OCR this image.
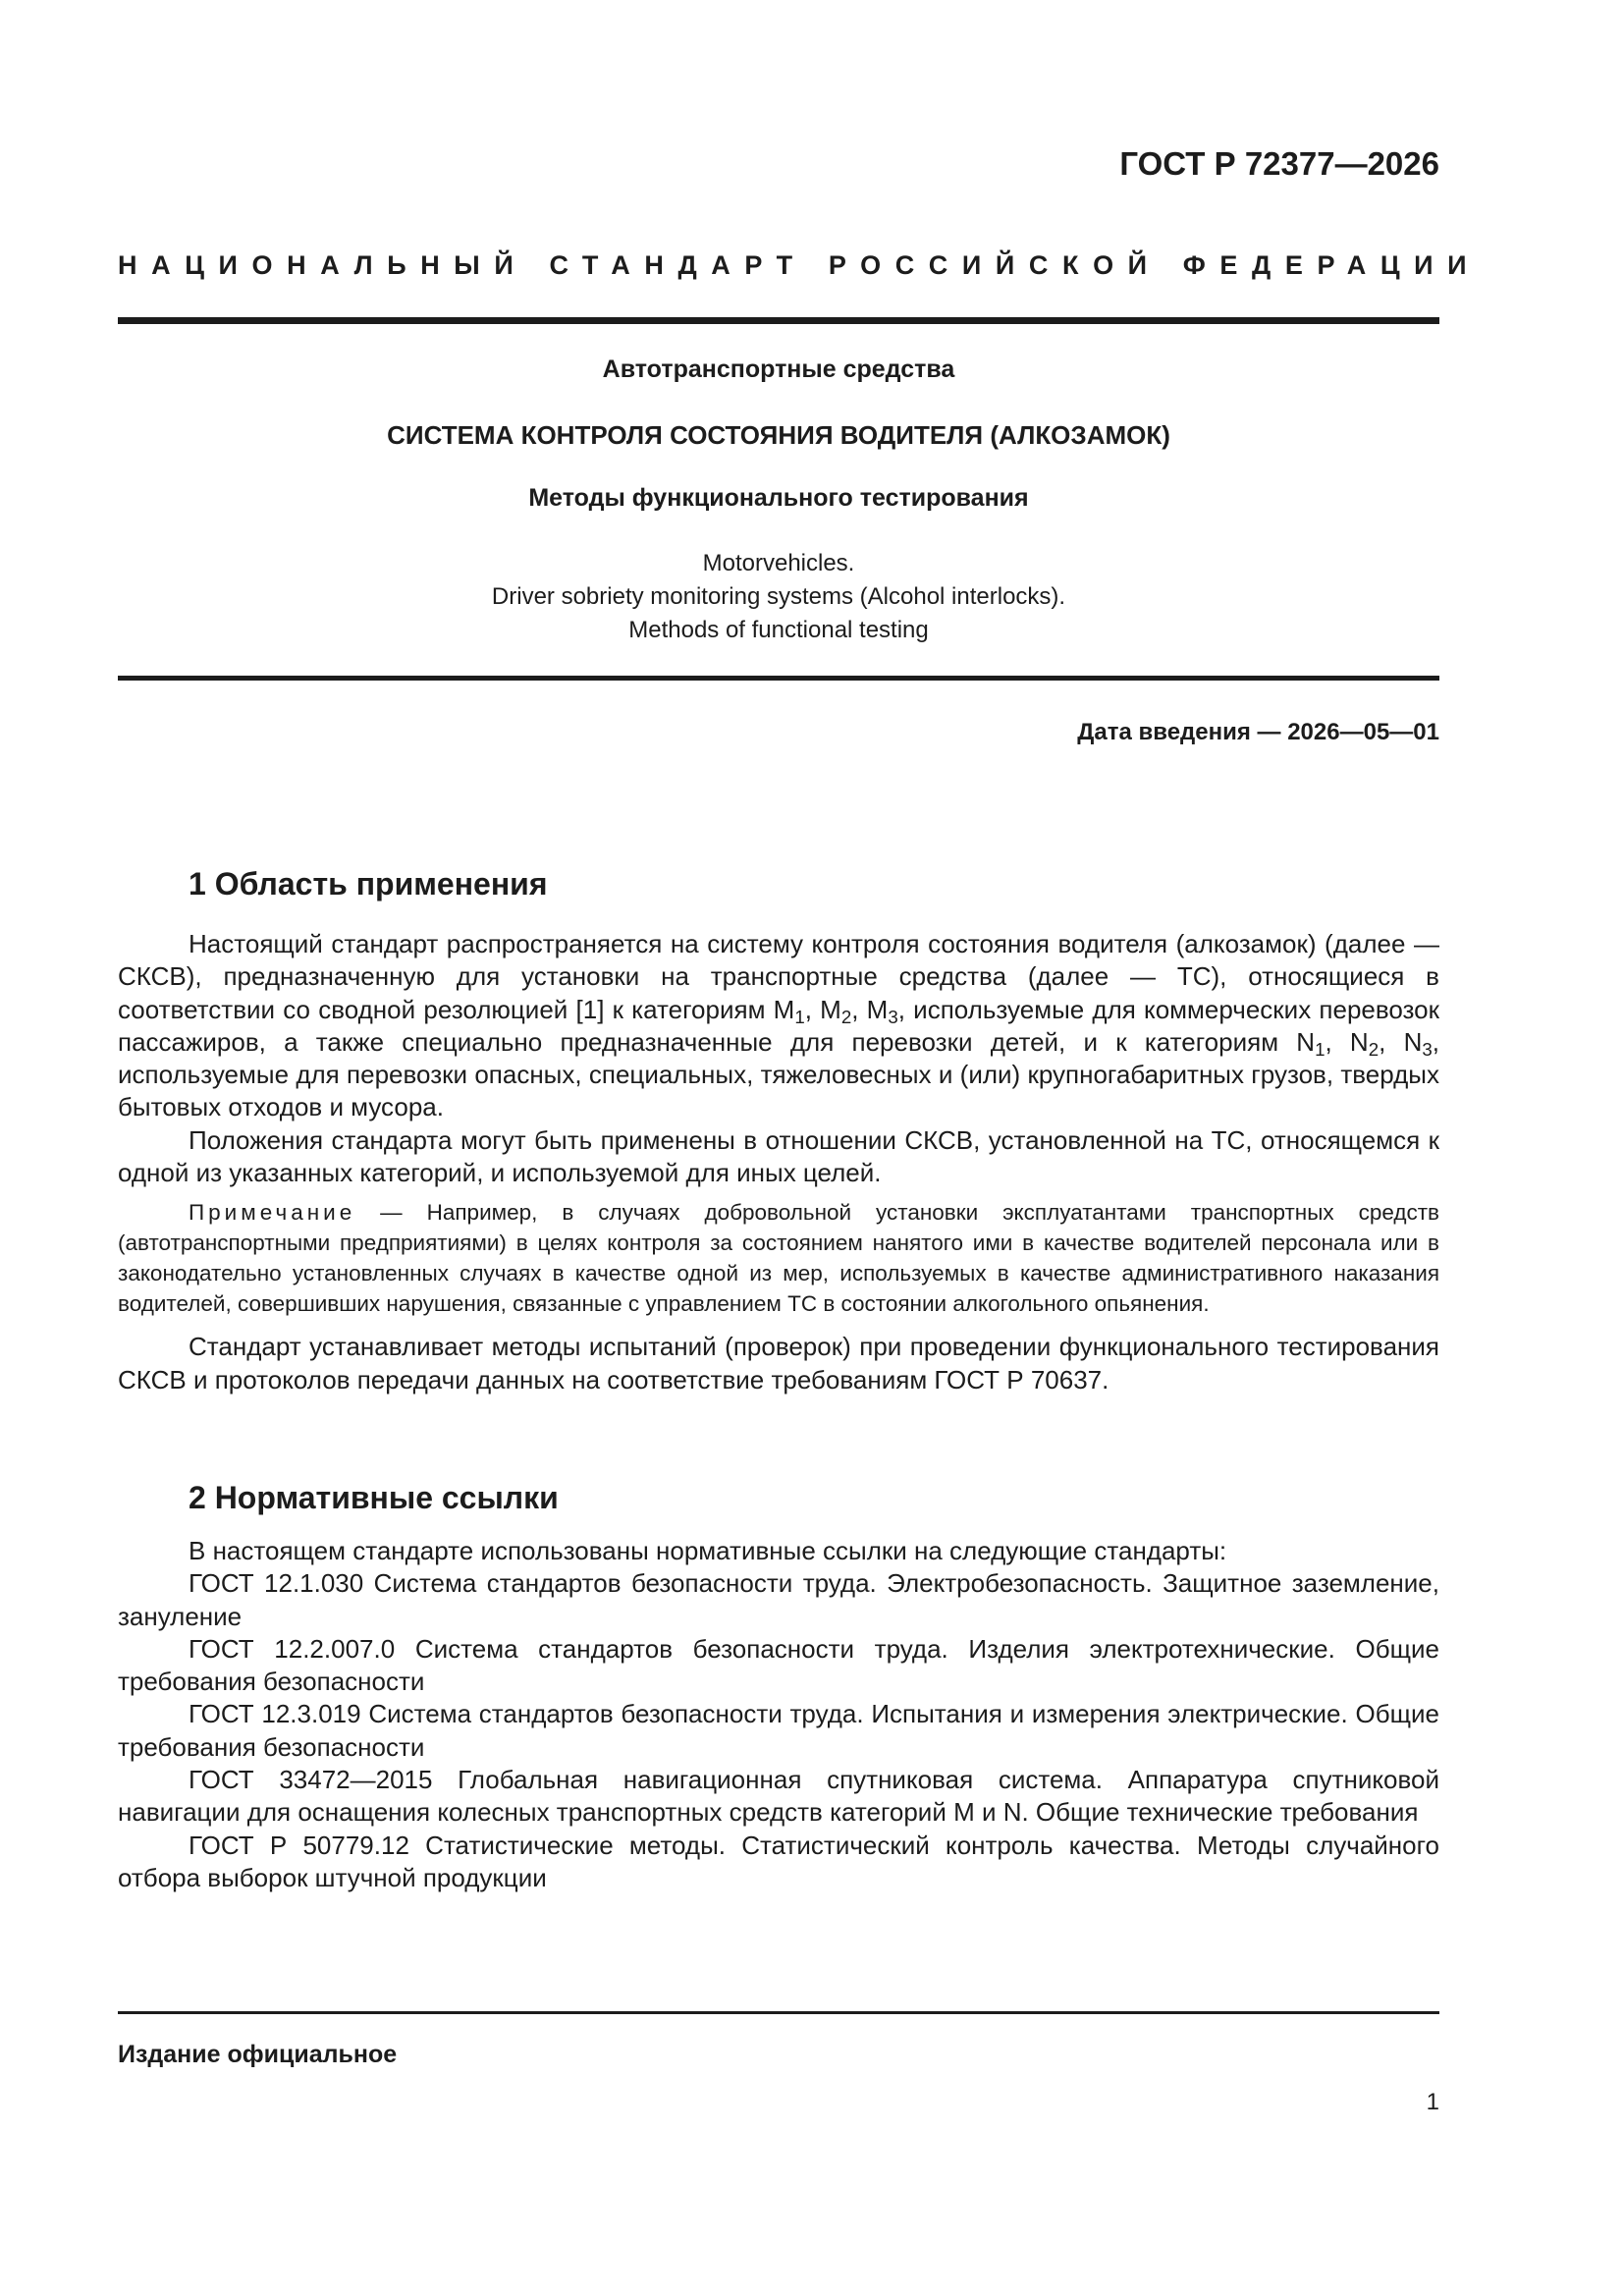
ГОСТ Р 72377—2026
НАЦИОНАЛЬНЫЙ СТАНДАРТ РОССИЙСКОЙ ФЕДЕРАЦИИ
Автотранспортные средства
СИСТЕМА КОНТРОЛЯ СОСТОЯНИЯ ВОДИТЕЛЯ (АЛКОЗАМОК)
Методы функционального тестирования
Motorvehicles.
Driver sobriety monitoring systems (Alcohol interlocks).
Methods of functional testing
Дата введения — 2026—05—01
1 Область применения

Настоящий стандарт распространяется на систему контроля состояния водителя (алкозамок) (далее — СКСВ), предназначенную для установки на транспортные средства (далее — ТС), относящиеся в соответствии со сводной резолюцией [1] к категориям $M_1$, $M_2$, $M_3$, используемые для коммерческих перевозок пассажиров, а также специально предназначенные для перевозки детей, и к категориям $N_1$, $N_2$, $N_3$, используемые для перевозки опасных, специальных, тяжеловесных и (или) крупногабаритных грузов, твердых бытовых отходов и мусора.

Положения стандарта могут быть применены в отношении СКСВ, установленной на ТС, относящемся к одной из указанных категорий, и используемой для иных целей.

Примечание — Например, в случаях добровольной установки эксплуатантами транспортных средств (автотранспортными предприятиями) в целях контроля за состоянием нанятого ими в качестве водителей персонала или в законодательно установленных случаях в качестве одной из мер, используемых в качестве административного наказания водителей, совершивших нарушения, связанные с управлением ТС в состоянии алкогольного опьянения.

Стандарт устанавливает методы испытаний (проверок) при проведении функционального тестирования СКСВ и протоколов передачи данных на соответствие требованиям ГОСТ Р 70637.

2 Нормативные ссылки

В настоящем стандарте использованы нормативные ссылки на следующие стандарты:

ГОСТ 12.1.030 Система стандартов безопасности труда. Электробезопасность. Защитное заземление, зануление

ГОСТ 12.2.007.0 Система стандартов безопасности труда. Изделия электротехнические. Общие требования безопасности

ГОСТ 12.3.019 Система стандартов безопасности труда. Испытания и измерения электрические. Общие требования безопасности

ГОСТ 33472—2015 Глобальная навигационная спутниковая система. Аппаратура спутниковой навигации для оснащения колесных транспортных средств категорий M и N. Общие технические требования

ГОСТ Р 50779.12 Статистические методы. Статистический контроль качества. Методы случайного отбора выборок штучной продукции

Издание официальное
1
